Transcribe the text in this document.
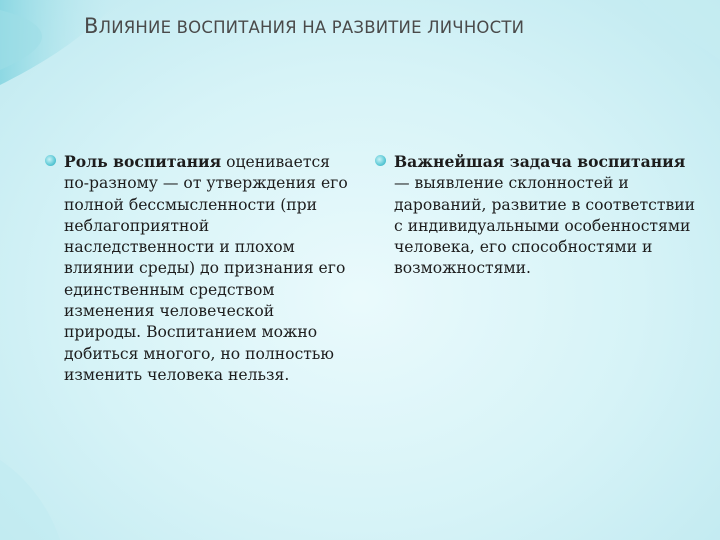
ВЛИЯНИЕ ВОСПИТАНИЯ НА РАЗВИТИЕ ЛИЧНОСТИ

Роль воспитания оценивается по-разному — от утверждения его полной бессмысленности (при неблагоприятной наследственности и плохом влиянии среды) до признания его единственным средством изменения человеческой природы. Воспитанием можно добиться многого, но полностью изменить человека нельзя.

Важнейшая задача воспитания — выявление склонностей и дарований, развитие в соответствии с индивидуальными особенностями человека, его способностями и возможностями.
